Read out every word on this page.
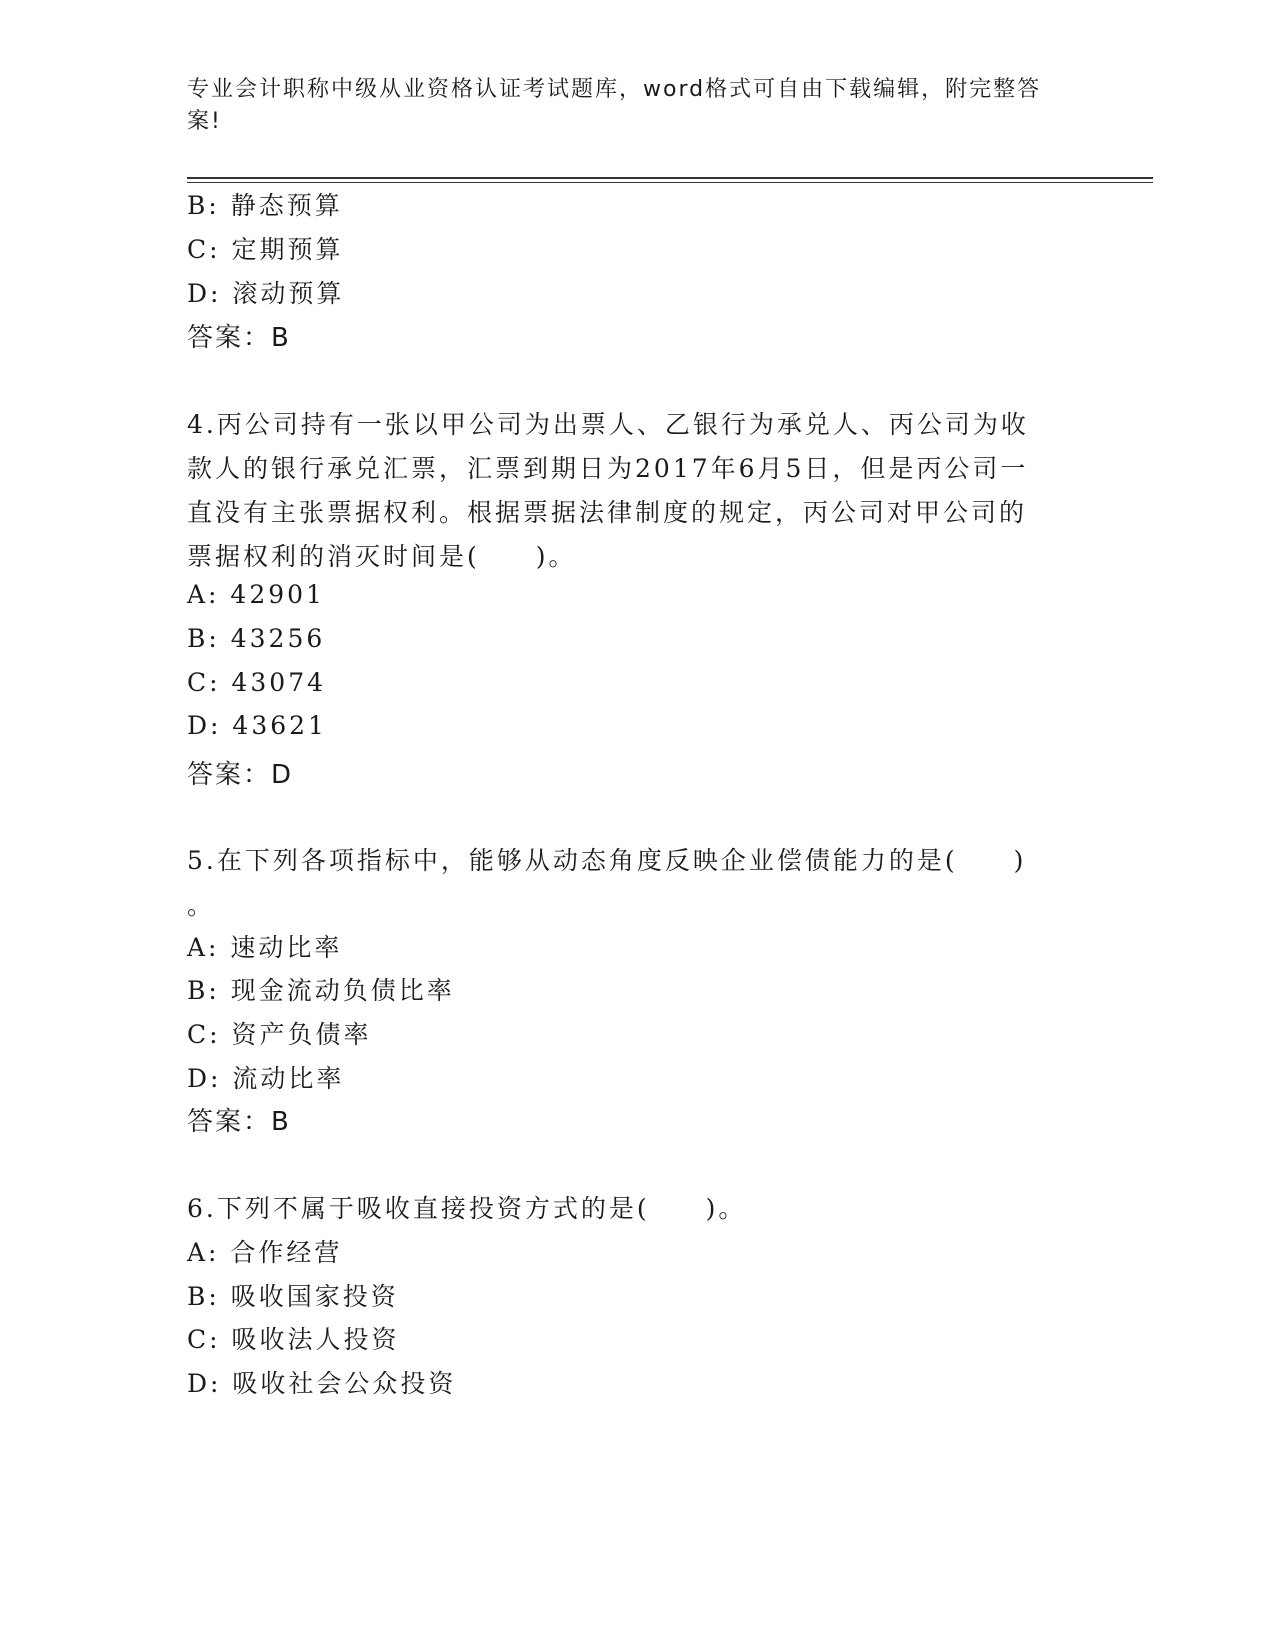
专业会计职称中级从业资格认证考试题库，word格式可自由下载编辑，附完整答
案!
B: 静态预算
C: 定期预算
D: 滚动预算
答案：B
4.丙公司持有一张以甲公司为出票人、乙银行为承兑人、丙公司为收
款人的银行承兑汇票，汇票到期日为2017年6月5日，但是丙公司一
直没有主张票据权利。根据票据法律制度的规定，丙公司对甲公司的
票据权利的消灭时间是(　　)。
A: 42901
B: 43256
C: 43074
D: 43621
答案：D
5.在下列各项指标中，能够从动态角度反映企业偿债能力的是(　　)
。
A: 速动比率
B: 现金流动负债比率
C: 资产负债率
D: 流动比率
答案：B
6.下列不属于吸收直接投资方式的是(　　)。
A: 合作经营
B: 吸收国家投资
C: 吸收法人投资
D: 吸收社会公众投资
